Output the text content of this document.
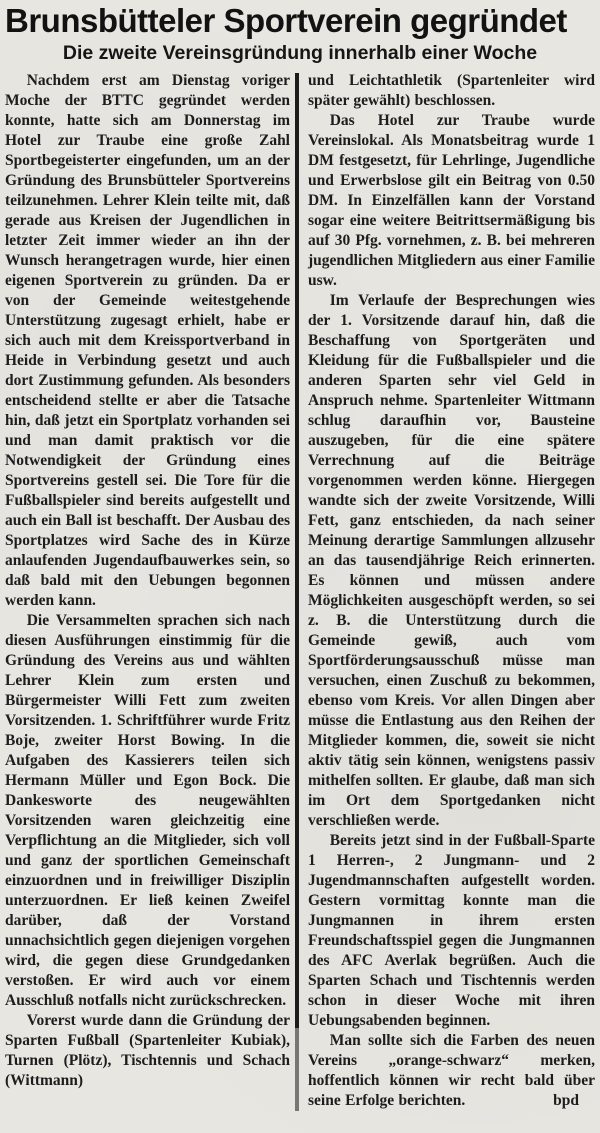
Brunsbütteler Sportverein gegründet
Die zweite Vereinsgründung innerhalb einer Woche

Nachdem erst am Dienstag voriger Moche der BTTC gegründet werden konnte, hatte sich am Donnerstag im Hotel zur Traube eine große Zahl Sportbegeisterter eingefunden, um an der Gründung des Brunsbütteler Sportvereins teilzunehmen. Lehrer Klein teilte mit, daß gerade aus Kreisen der Jugendlichen in letzter Zeit immer wieder an ihn der Wunsch herangetragen wurde, hier einen eigenen Sportverein zu gründen. Da er von der Gemeinde weitestgehende Unterstützung zugesagt erhielt, habe er sich auch mit dem Kreissportverband in Heide in Verbindung gesetzt und auch dort Zustimmung gefunden. Als besonders entscheidend stellte er aber die Tatsache hin, daß jetzt ein Sportplatz vorhanden sei und man damit praktisch vor die Notwendigkeit der Gründung eines Sportvereins gestell sei. Die Tore für die Fußballspieler sind bereits aufgestellt und auch ein Ball ist beschafft. Der Ausbau des Sportplatzes wird Sache des in Kürze anlaufenden Jugendaufbauwerkes sein, so daß bald mit den Uebungen begonnen werden kann.

Die Versammelten sprachen sich nach diesen Ausführungen einstimmig für die Gründung des Vereins aus und wählten Lehrer Klein zum ersten und Bürgermeister Willi Fett zum zweiten Vorsitzenden. 1. Schriftführer wurde Fritz Boje, zweiter Horst Bowing. In die Aufgaben des Kassierers teilen sich Hermann Müller und Egon Bock. Die Dankesworte des neugewählten Vorsitzenden waren gleichzeitig eine Verpflichtung an die Mitglieder, sich voll und ganz der sportlichen Gemeinschaft einzuordnen und in freiwilliger Disziplin unterzuordnen. Er ließ keinen Zweifel darüber, daß der Vorstand unnachsichtlich gegen diejenigen vorgehen wird, die gegen diese Grundgedanken verstoßen. Er wird auch vor einem Ausschluß notfalls nicht zurückschrecken.

Vorerst wurde dann die Gründung der Sparten Fußball (Spartenleiter Kubiak), Turnen (Plötz), Tischtennis und Schach (Wittmann)

und Leichtathletik (Spartenleiter wird später gewählt) beschlossen.

Das Hotel zur Traube wurde Vereinslokal. Als Monatsbeitrag wurde 1 DM festgesetzt, für Lehrlinge, Jugendliche und Erwerbslose gilt ein Beitrag von 0.50 DM. In Einzelfällen kann der Vorstand sogar eine weitere Beitrittsermäßigung bis auf 30 Pfg. vornehmen, z. B. bei mehreren jugendlichen Mitgliedern aus einer Familie usw.

Im Verlaufe der Besprechungen wies der 1. Vorsitzende darauf hin, daß die Beschaffung von Sportgeräten und Kleidung für die Fußballspieler und die anderen Sparten sehr viel Geld in Anspruch nehme. Spartenleiter Wittmann schlug daraufhin vor, Bausteine auszugeben, für die eine spätere Verrechnung auf die Beiträge vorgenommen werden könne. Hiergegen wandte sich der zweite Vorsitzende, Willi Fett, ganz entschieden, da nach seiner Meinung derartige Sammlungen allzusehr an das tausendjährige Reich erinnerten. Es können und müssen andere Möglichkeiten ausgeschöpft werden, so sei z. B. die Unterstützung durch die Gemeinde gewiß, auch vom Sportförderungsausschuß müsse man versuchen, einen Zuschuß zu bekommen, ebenso vom Kreis. Vor allen Dingen aber müsse die Entlastung aus den Reihen der Mitglieder kommen, die, soweit sie nicht aktiv tätig sein können, wenigstens passiv mithelfen sollten. Er glaube, daß man sich im Ort dem Sportgedanken nicht verschließen werde.

Bereits jetzt sind in der Fußball-Sparte 1 Herren-, 2 Jungmann- und 2 Jugendmannschaften aufgestellt worden. Gestern vormittag konnte man die Jungmannen in ihrem ersten Freundschaftsspiel gegen die Jungmannen des AFC Averlak begrüßen. Auch die Sparten Schach und Tischtennis werden schon in dieser Woche mit ihren Uebungsabenden beginnen.

Man sollte sich die Farben des neuen Vereins „orange-schwarz“ merken, hoffentlich können wir recht bald über seine Erfolge berichten.	bpd
